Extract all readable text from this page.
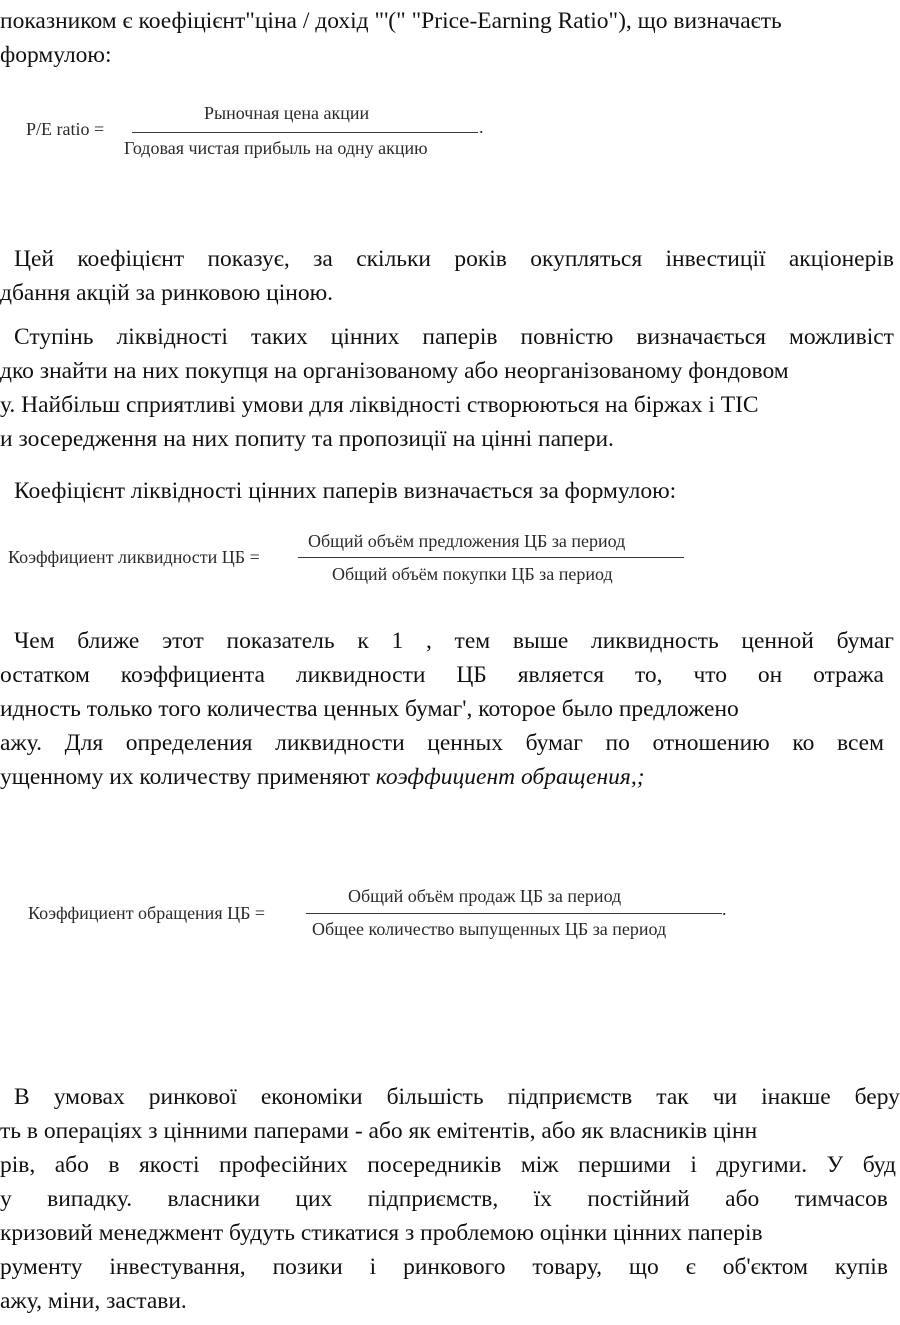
показником є коефіцієнт"ціна / дохід "'(" "Price-Earning Ratio"), що визначаєть
формулою:
P/E ratio =
Рыночная цена акции
.
Годовая чистая прибыль на одну акцию
Цей коефіцієнт показує, за скільки років окупляться інвестиції акціонерів
дбання акцій за ринковою ціною.
Ступінь ліквідності таких цінних паперів повністю визначається можливіст
дко знайти на них покупця на організованому або неорганізованому фондовом
у. Найбільш сприятливі умови для ліквідності створюються на біржах і ТІС
и зосередження на них попиту та пропозиції на цінні папери.
Коефіцієнт ліквідності цінних паперів визначається за формулою:
Коэффициент ликвидности ЦБ =
Общий объём предложения ЦБ за период
Общий объём покупки ЦБ за период
Чем ближе этот показатель к 1 , тем выше ликвидность ценной бумаг
остатком коэффициента ликвидности ЦБ является то, что он отража
идность только того количества ценных бумаг', которое было предложено
ажу. Для определения ликвидности ценных бумаг по отношению ко всем
ущенному их количеству применяют коэффициент обращения,;
Коэффициент обращения ЦБ =
Общий объём продаж ЦБ за период
.
Общее количество выпущенных ЦБ за период
В умовах ринкової економіки більшість підприємств так чи інакше беру
ть в операціях з цінними паперами - або як емітентів, або як власників цінн
рів, або в якості професійних посередників між першими і другими. У буд
у випадку. власники цих підприємств, їх постійний або тимчасов
кризовий менеджмент будуть стикатися з проблемою оцінки цінних паперів
рументу інвестування, позики і ринкового товару, що є об'єктом купів
ажу, міни, застави.
